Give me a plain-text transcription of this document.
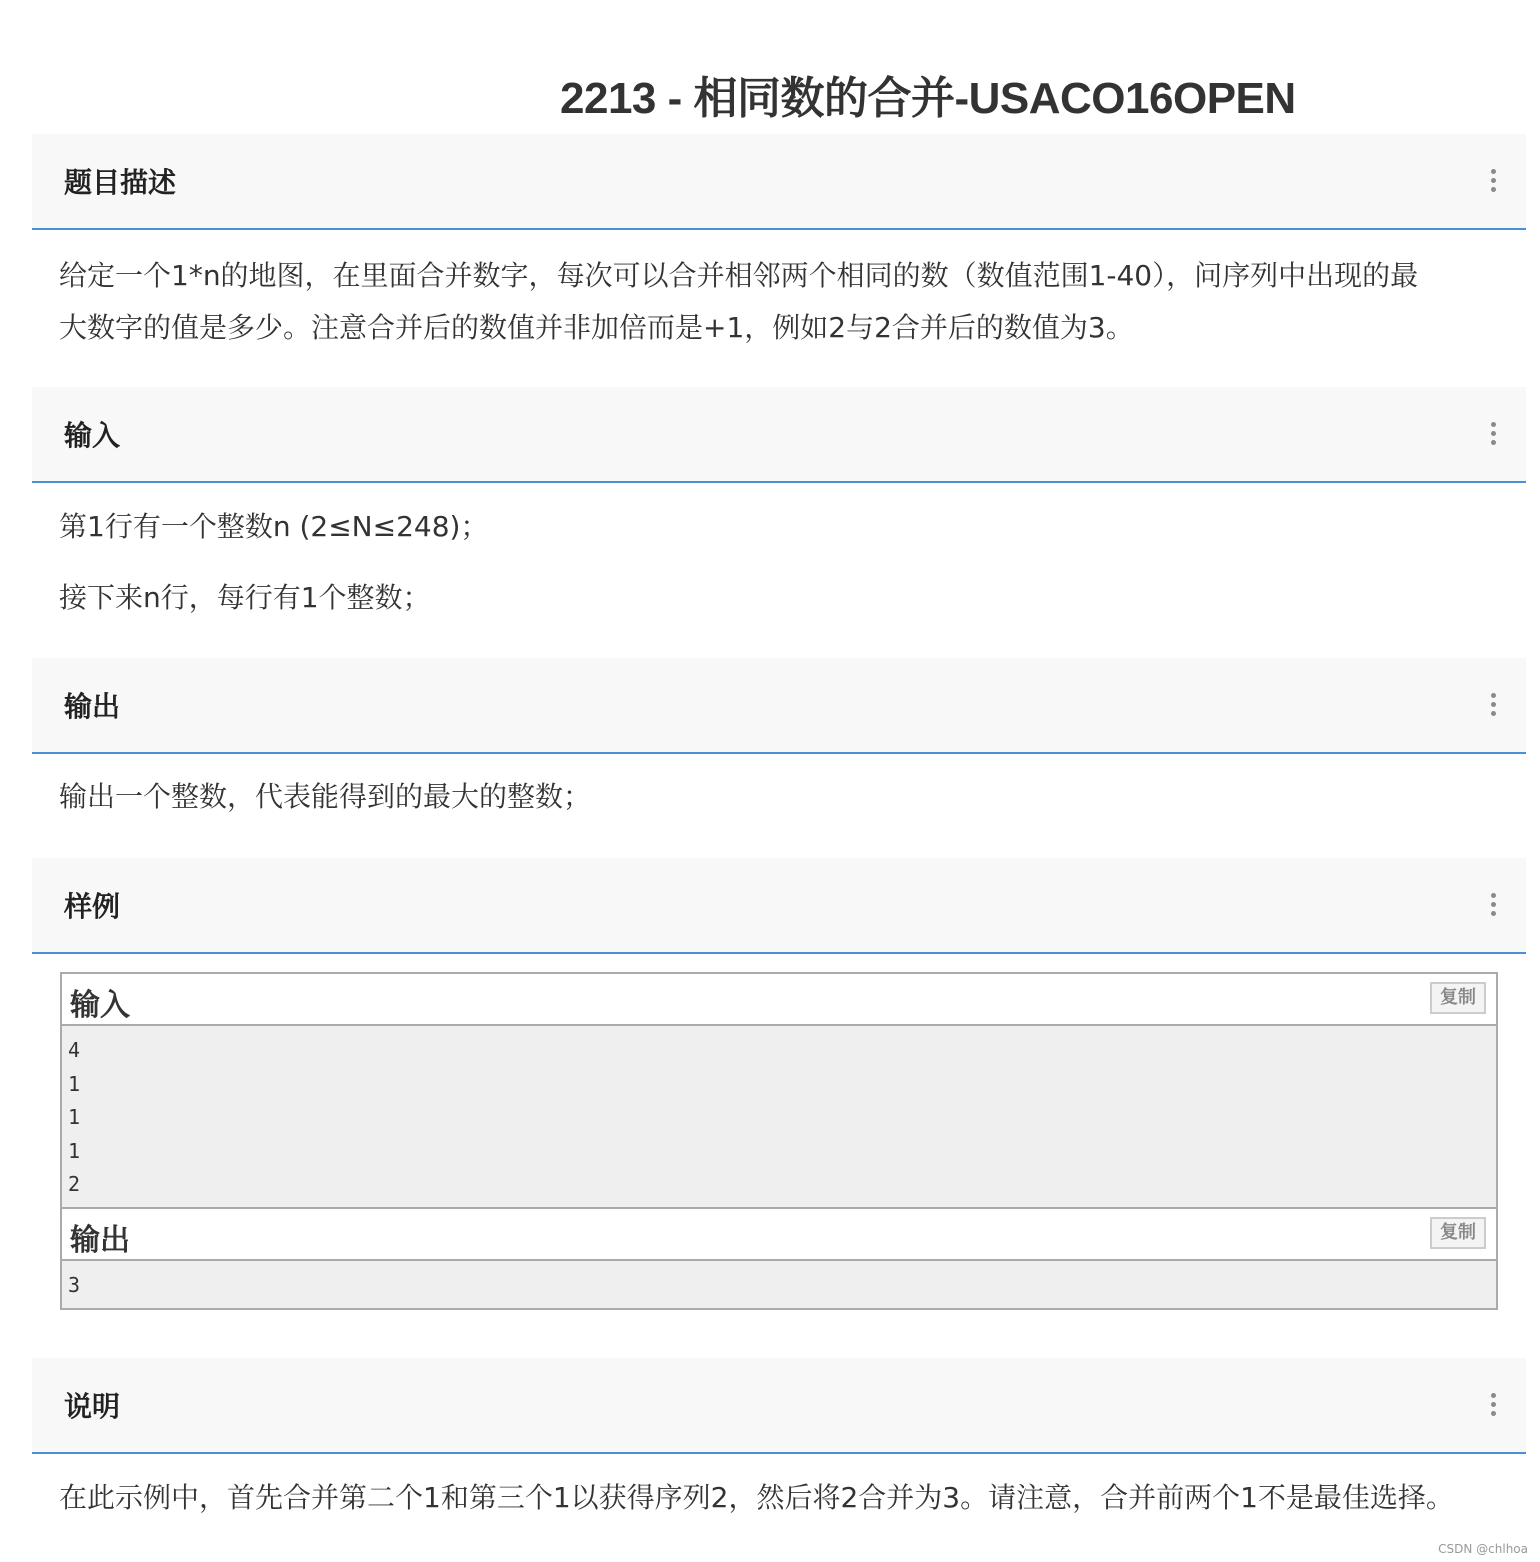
2213 - 相同数的合并-USACO16OPEN
题目描述
给定一个1*n的地图，在里面合并数字，每次可以合并相邻两个相同的数（数值范围1-40），问序列中出现的最
大数字的值是多少。注意合并后的数值并非加倍而是+1，例如2与2合并后的数值为3。
输入
第1行有一个整数n (2≤N≤248)；
接下来n行，每行有1个整数；
输出
输出一个整数，代表能得到的最大的整数；
样例
输入	复制
4
1
1
1
2
输出	复制
3
说明
在此示例中，首先合并第二个1和第三个1以获得序列2，然后将2合并为3。请注意，合并前两个1不是最佳选择。
CSDN @chlhoa
